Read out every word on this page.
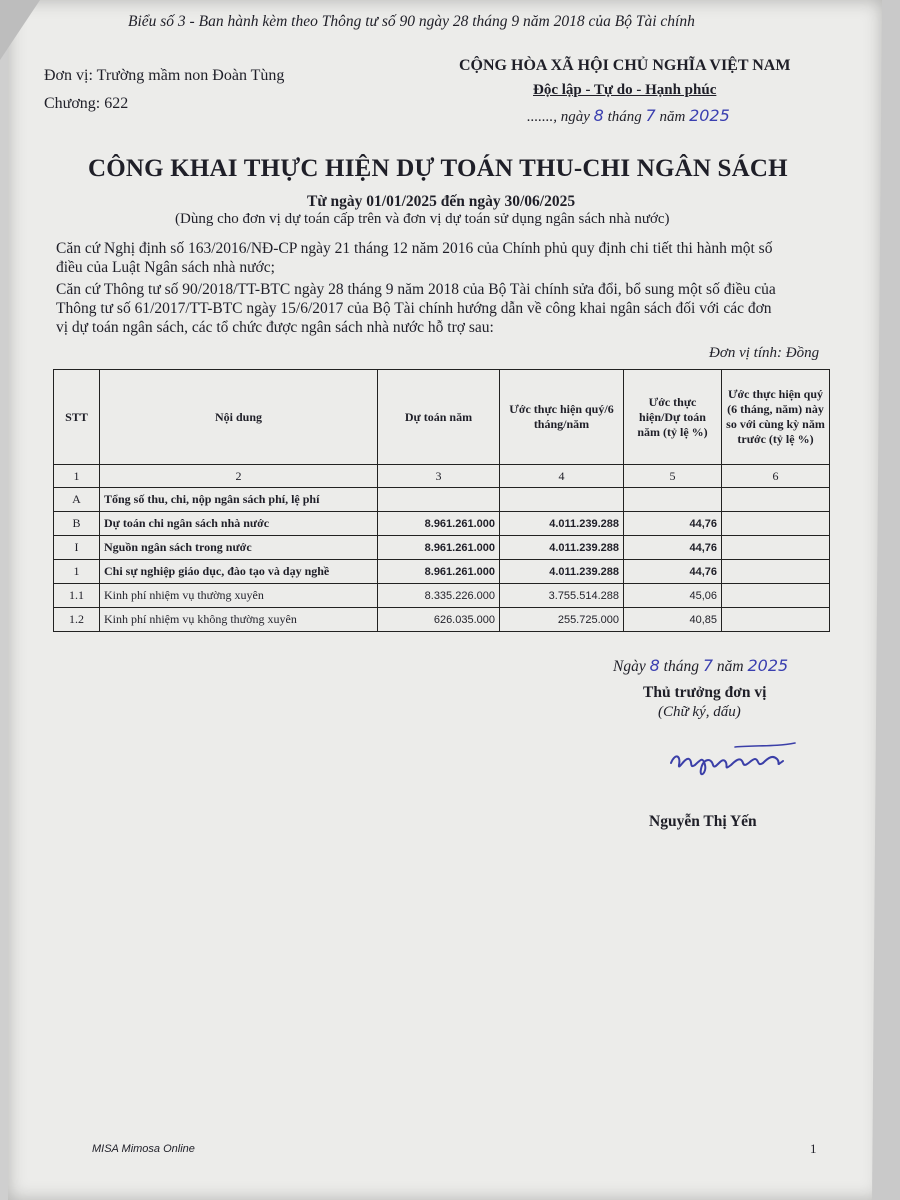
Biểu số 3 - Ban hành kèm theo Thông tư số 90 ngày 28 tháng 9 năm 2018 của Bộ Tài chính
Đơn vị: Trường mầm non Đoàn Tùng
Chương: 622
CỘNG HÒA XÃ HỘI CHỦ NGHĨA VIỆT NAM
Độc lập - Tự do - Hạnh phúc
......., ngày 8 tháng 7 năm 2025
CÔNG KHAI THỰC HIỆN DỰ TOÁN THU-CHI NGÂN SÁCH
Từ ngày 01/01/2025 đến ngày 30/06/2025
(Dùng cho đơn vị dự toán cấp trên và đơn vị dự toán sử dụng ngân sách nhà nước)
Căn cứ Nghị định số 163/2016/NĐ-CP ngày 21 tháng 12 năm 2016 của Chính phủ quy định chi tiết thi hành một số
điều của Luật Ngân sách nhà nước;
Căn cứ Thông tư số 90/2018/TT-BTC ngày 28 tháng 9 năm 2018 của Bộ Tài chính sửa đổi, bổ sung một số điều của
Thông tư số 61/2017/TT-BTC ngày 15/6/2017 của Bộ Tài chính hướng dẫn về công khai ngân sách đối với các đơn
vị dự toán ngân sách, các tổ chức được ngân sách nhà nước hỗ trợ sau:
Đơn vị tính: Đồng
STT	Nội dung	Dự toán năm	Ước thực hiện quý/6 tháng/năm	Ước thực hiện/Dự toán năm (tỷ lệ %)	Ước thực hiện quý (6 tháng, năm) này so với cùng kỳ năm trước (tỷ lệ %)
1	2	3	4	5	6
A	Tổng số thu, chi, nộp ngân sách phí, lệ phí				
B	Dự toán chi ngân sách nhà nước	8.961.261.000	4.011.239.288	44,76	
I	Nguồn ngân sách trong nước	8.961.261.000	4.011.239.288	44,76	
1	Chi sự nghiệp giáo dục, đào tạo và dạy nghề	8.961.261.000	4.011.239.288	44,76	
1.1	Kinh phí nhiệm vụ thường xuyên	8.335.226.000	3.755.514.288	45,06	
1.2	Kinh phí nhiệm vụ không thường xuyên	626.035.000	255.725.000	40,85	
Ngày 8 tháng 7 năm 2025
Thủ trưởng đơn vị
(Chữ ký, dấu)
Nguyễn Thị Yến
MISA Mimosa Online	1
